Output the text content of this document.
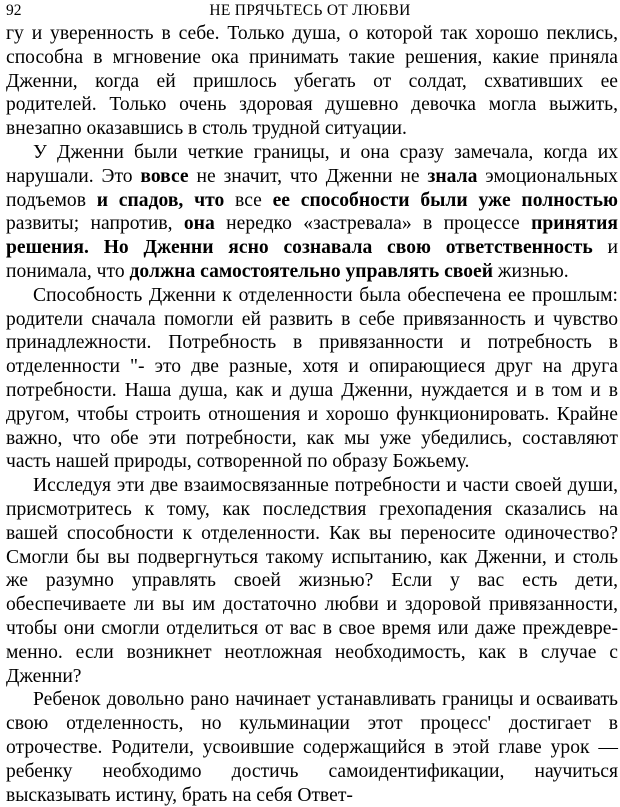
92	НЕ ПРЯЧЬТЕСЬ ОТ ЛЮБВИ
гу и уверенность в себе. Только душа, о которой так хорошо пеклись,
способна в мгновение ока принимать такие решения, какие приняла
Дженни, когда ей пришлось убегать от солдат, схвативших ее
родителей. Только очень здоровая душевно девочка могла выжить,
внезапно оказавшись в столь трудной ситуации.
У Дженни были четкие границы, и она сразу замечала, когда их
нарушали. Это вовсе не значит, что Дженни не знала эмоциональных
подъемов и спадов, что все ее способности были уже полностью
развиты; напротив, она нередко «застревала» в процессе принятия
решения. Но Дженни ясно сознавала свою ответственность и
понимала, что должна самостоятельно управлять своей жизнью.
Способность Дженни к отделенности была обеспечена ее прошлым:
родители сначала помогли ей развить в себе привязанность и чувство
принадлежности. Потребность в привязанности и потребность в
отделенности "- это две разные, хотя и опирающиеся друг на друга
потребности. Наша душа, как и душа Дженни, нуждается и в том и в
другом, чтобы строить отношения и хорошо функционировать. Крайне
важно, что обе эти потребности, как мы уже убедились, составляют
часть нашей природы, сотворенной по образу Божьему.
Исследуя эти две взаимосвязанные потребности и части своей души,
присмотритесь к тому, как последствия грехопадения сказались на
вашей способности к отделенности. Как вы переносите одиночество?
Смогли бы вы подвергнуться такому испытанию, как Дженни, и столь
же разумно управлять своей жизнью? Если у вас есть дети,
обеспечиваете ли вы им достаточно любви и здоровой привязанности,
чтобы они смогли отделиться от вас в свое время или даже преждевре-
менно. если возникнет неотложная необходимость, как в случае с
Дженни?
Ребенок довольно рано начинает устанавливать границы и осваивать
свою отделенность, но кульминации этот процесс' достигает в
отрочестве. Родители, усвоившие содержащийся в этой главе урок —
ребенку необходимо достичь самоидентификации, научиться
высказывать истину, брать на себя Ответ-
